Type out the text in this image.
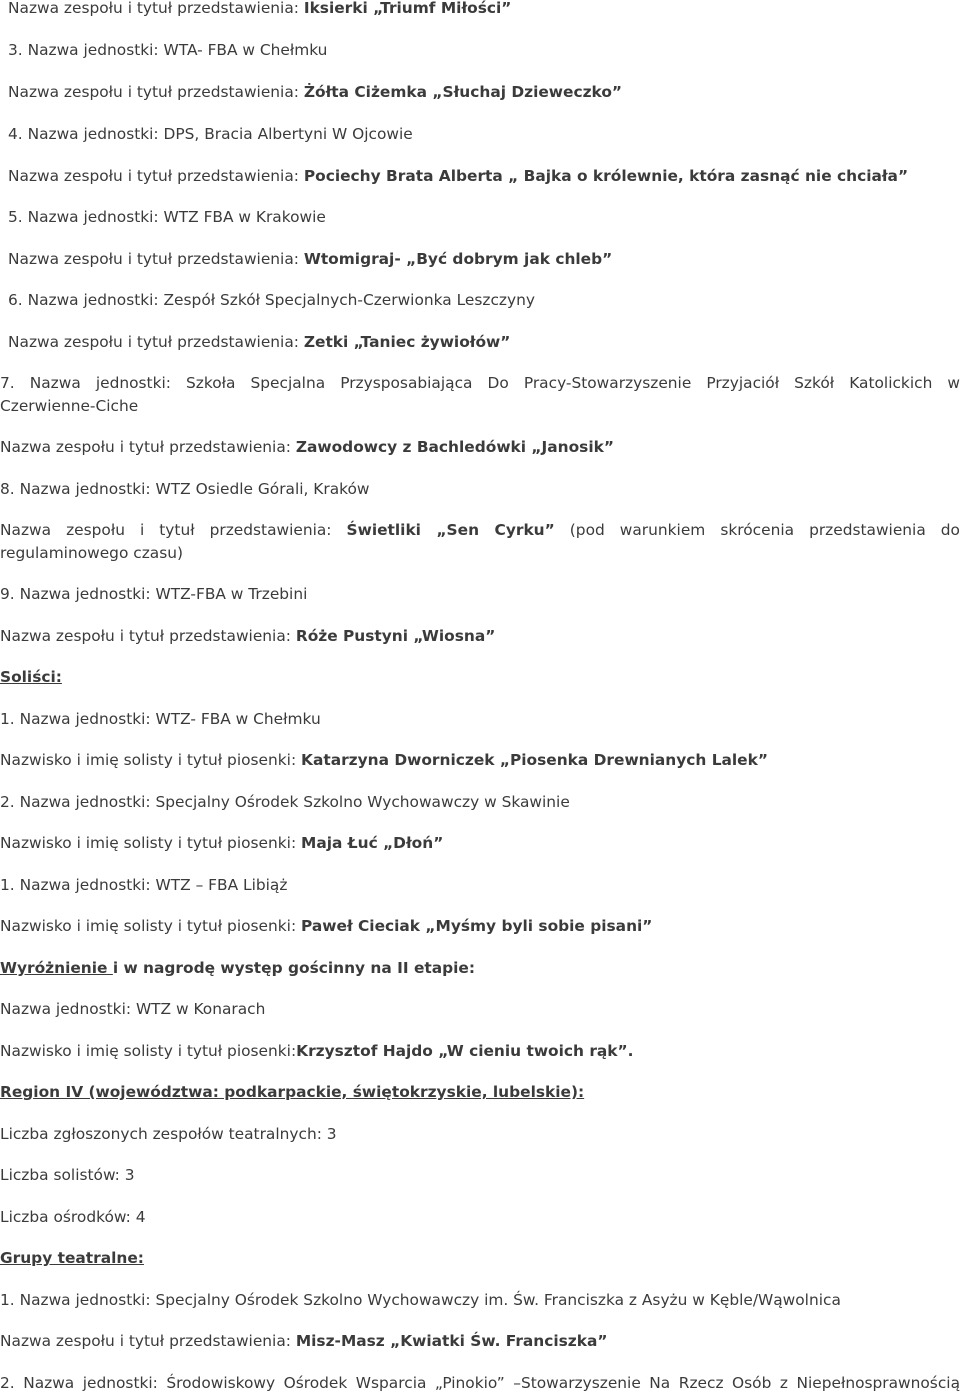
Nazwa zespołu i tytuł przedstawienia: Iksierki „Triumf Miłości”
3. Nazwa jednostki: WTA- FBA w Chełmku
Nazwa zespołu i tytuł przedstawienia: Żółta Ciżemka „Słuchaj Dzieweczko”
4. Nazwa jednostki: DPS, Bracia Albertyni W Ojcowie
Nazwa zespołu i tytuł przedstawienia: Pociechy Brata Alberta „ Bajka o królewnie, która zasnąć nie chciała”
5. Nazwa jednostki: WTZ FBA w Krakowie
Nazwa zespołu i tytuł przedstawienia: Wtomigraj- „Być dobrym jak chleb”
6. Nazwa jednostki: Zespół Szkół Specjalnych-Czerwionka Leszczyny
Nazwa zespołu i tytuł przedstawienia: Zetki „Taniec żywiołów”
7. Nazwa jednostki: Szkoła Specjalna Przysposabiająca Do Pracy-Stowarzyszenie Przyjaciół Szkół Katolickich w
Czerwienne-Ciche
Nazwa zespołu i tytuł przedstawienia: Zawodowcy z Bachledówki „Janosik”
8. Nazwa jednostki: WTZ Osiedle Górali, Kraków
Nazwa zespołu i tytuł przedstawienia: Świetliki „Sen Cyrku” (pod warunkiem skrócenia przedstawienia do
regulaminowego czasu)
9. Nazwa jednostki: WTZ-FBA w Trzebini
Nazwa zespołu i tytuł przedstawienia: Róże Pustyni „Wiosna”
Soliści:
1. Nazwa jednostki: WTZ- FBA w Chełmku
Nazwisko i imię solisty i tytuł piosenki: Katarzyna Dworniczek „Piosenka Drewnianych Lalek”
2. Nazwa jednostki: Specjalny Ośrodek Szkolno Wychowawczy w Skawinie
Nazwisko i imię solisty i tytuł piosenki: Maja Łuć „Dłoń”
1. Nazwa jednostki: WTZ – FBA Libiąż
Nazwisko i imię solisty i tytuł piosenki: Paweł Cieciak „Myśmy byli sobie pisani”
Wyróżnienie i w nagrodę występ gościnny na II etapie:
Nazwa jednostki: WTZ w Konarach
Nazwisko i imię solisty i tytuł piosenki:Krzysztof Hajdo „W cieniu twoich rąk”.
Region IV (województwa: podkarpackie, świętokrzyskie, lubelskie):
Liczba zgłoszonych zespołów teatralnych: 3
Liczba solistów: 3
Liczba ośrodków: 4
Grupy teatralne:
1. Nazwa jednostki: Specjalny Ośrodek Szkolno Wychowawczy im. Św. Franciszka z Asyżu w Kęble/Wąwolnica
Nazwa zespołu i tytuł przedstawienia: Misz-Masz „Kwiatki Św. Franciszka”
2. Nazwa jednostki: Środowiskowy Ośrodek Wsparcia „Pinokio” –Stowarzyszenie Na Rzecz Osób z Niepełnosprawnością
